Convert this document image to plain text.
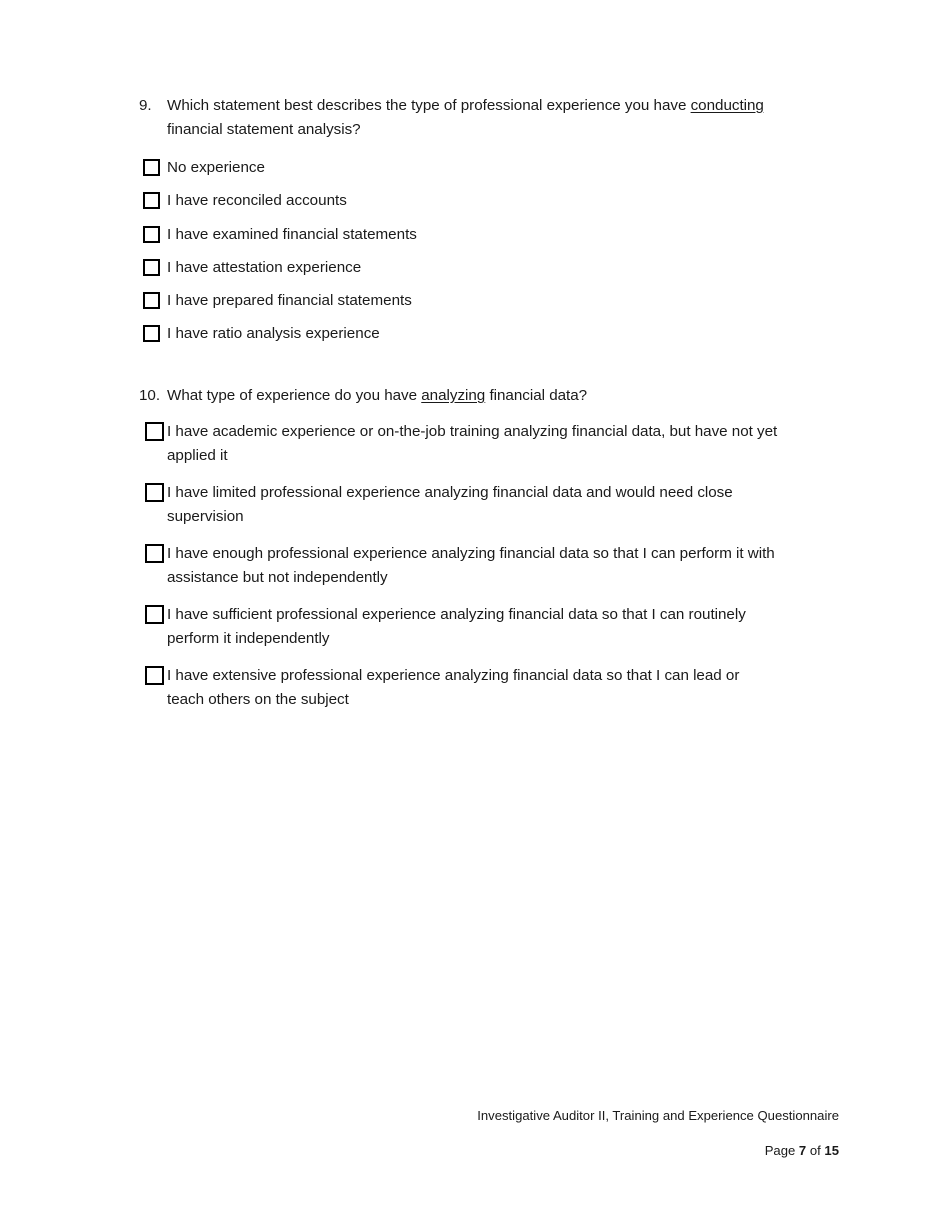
9.	Which statement best describes the type of professional experience you have conducting financial statement analysis?
No experience
I have reconciled accounts
I have examined financial statements
I have attestation experience
I have prepared financial statements
I have ratio analysis experience
10. What type of experience do you have analyzing financial data?
I have academic experience or on-the-job training analyzing financial data, but have not yet applied it
I have limited professional experience analyzing financial data and would need close supervision
I have enough professional experience analyzing financial data so that I can perform it with assistance but not independently
I have sufficient professional experience analyzing financial data so that I can routinely perform it independently
I have extensive professional experience analyzing financial data so that I can lead or teach others on the subject
Investigative Auditor II, Training and Experience Questionnaire
Page 7 of 15
